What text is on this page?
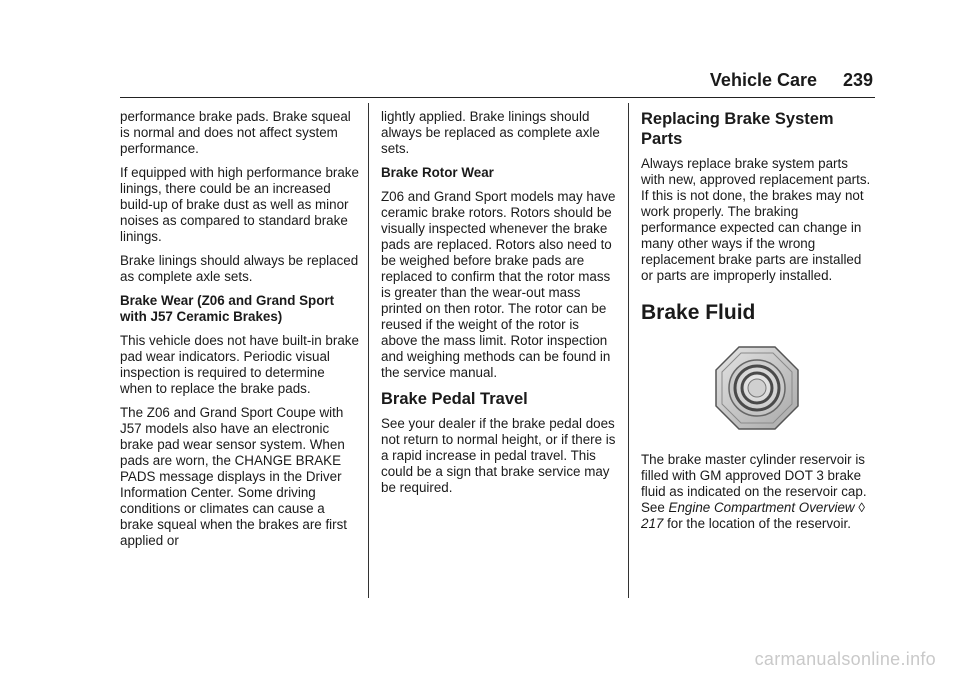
Vehicle Care 239

performance brake pads. Brake squeal is normal and does not affect system performance.

If equipped with high performance brake linings, there could be an increased build-up of brake dust as well as minor noises as compared to standard brake linings.

Brake linings should always be replaced as complete axle sets.

Brake Wear (Z06 and Grand Sport with J57 Ceramic Brakes)

This vehicle does not have built-in brake pad wear indicators. Periodic visual inspection is required to determine when to replace the brake pads.

The Z06 and Grand Sport Coupe with J57 models also have an electronic brake pad wear sensor system. When pads are worn, the CHANGE BRAKE PADS message displays in the Driver Information Center. Some driving conditions or climates can cause a brake squeal when the brakes are first applied or

lightly applied. Brake linings should always be replaced as complete axle sets.

Brake Rotor Wear

Z06 and Grand Sport models may have ceramic brake rotors. Rotors should be visually inspected whenever the brake pads are replaced. Rotors also need to be weighed before brake pads are replaced to confirm that the rotor mass is greater than the wear-out mass printed on then rotor. The rotor can be reused if the weight of the rotor is above the mass limit. Rotor inspection and weighing methods can be found in the service manual.

Brake Pedal Travel

See your dealer if the brake pedal does not return to normal height, or if there is a rapid increase in pedal travel. This could be a sign that brake service may be required.

Replacing Brake System Parts

Always replace brake system parts with new, approved replacement parts. If this is not done, the brakes may not work properly. The braking performance expected can change in many other ways if the wrong replacement brake parts are installed or parts are improperly installed.

Brake Fluid

The brake master cylinder reservoir is filled with GM approved DOT 3 brake fluid as indicated on the reservoir cap. See Engine Compartment Overview ◊ 217 for the location of the reservoir.

carmanualsonline.info
